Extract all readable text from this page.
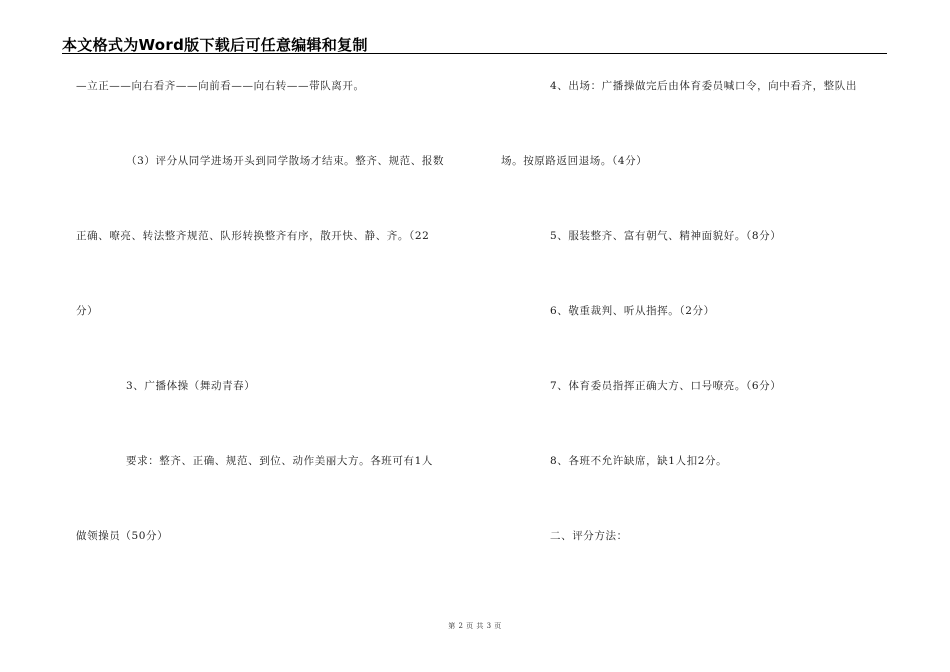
本文格式为Word版下载后可任意编辑和复制
—立正——向右看齐——向前看——向右转——带队离开。
（3）评分从同学进场开头到同学散场才结束。整齐、规范、报数
正确、嘹亮、转法整齐规范、队形转换整齐有序，散开快、静、齐。（22
分）
3、广播体操（舞动青春）
要求：整齐、正确、规范、到位、动作美丽大方。各班可有1人
做领操员（50分）
4、出场：广播操做完后由体育委员喊口令，向中看齐，整队出
场。按原路返回退场。（4分）
5、服装整齐、富有朝气、精神面貌好。（8分）
6、敬重裁判、听从指挥。（2分）
7、体育委员指挥正确大方、口号嘹亮。（6分）
8、各班不允许缺席，缺1人扣2分。
二、评分方法：
第 2 页 共 3 页
